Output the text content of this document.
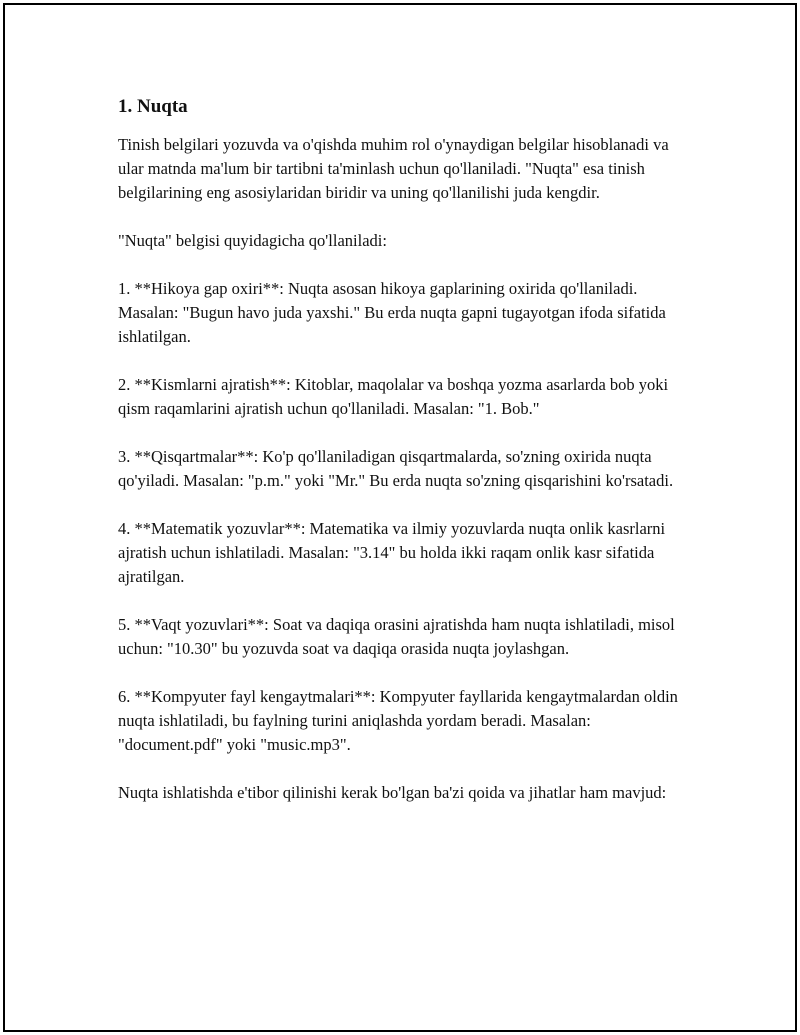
1. Nuqta

Tinish belgilari yozuvda va o'qishda muhim rol o'ynaydigan belgilar hisoblanadi va ular matnda ma'lum bir tartibni ta'minlash uchun qo'llaniladi. "Nuqta" esa tinish belgilarining eng asosiylaridan biridir va uning qo'llanilishi juda kengdir.

"Nuqta" belgisi quyidagicha qo'llaniladi:

1. **Hikoya gap oxiri**: Nuqta asosan hikoya gaplarining oxirida qo'llaniladi. Masalan: "Bugun havo juda yaxshi." Bu erda nuqta gapni tugayotgan ifoda sifatida ishlatilgan.

2. **Kismlarni ajratish**: Kitoblar, maqolalar va boshqa yozma asarlarda bob yoki qism raqamlarini ajratish uchun qo'llaniladi. Masalan: "1. Bob."

3. **Qisqartmalar**: Ko'p qo'llaniladigan qisqartmalarda, so'zning oxirida nuqta qo'yiladi. Masalan: "p.m." yoki "Mr." Bu erda nuqta so'zning qisqarishini ko'rsatadi.

4. **Matematik yozuvlar**: Matematika va ilmiy yozuvlarda nuqta onlik kasrlarni ajratish uchun ishlatiladi. Masalan: "3.14" bu holda ikki raqam onlik kasr sifatida ajratilgan.

5. **Vaqt yozuvlari**: Soat va daqiqa orasini ajratishda ham nuqta ishlatiladi, misol uchun: "10.30" bu yozuvda soat va daqiqa orasida nuqta joylashgan.

6. **Kompyuter fayl kengaytmalari**: Kompyuter fayllarida kengaytmalardan oldin nuqta ishlatiladi, bu faylning turini aniqlashda yordam beradi. Masalan: "document.pdf" yoki "music.mp3".

Nuqta ishlatishda e'tibor qilinishi kerak bo'lgan ba'zi qoida va jihatlar ham mavjud:
